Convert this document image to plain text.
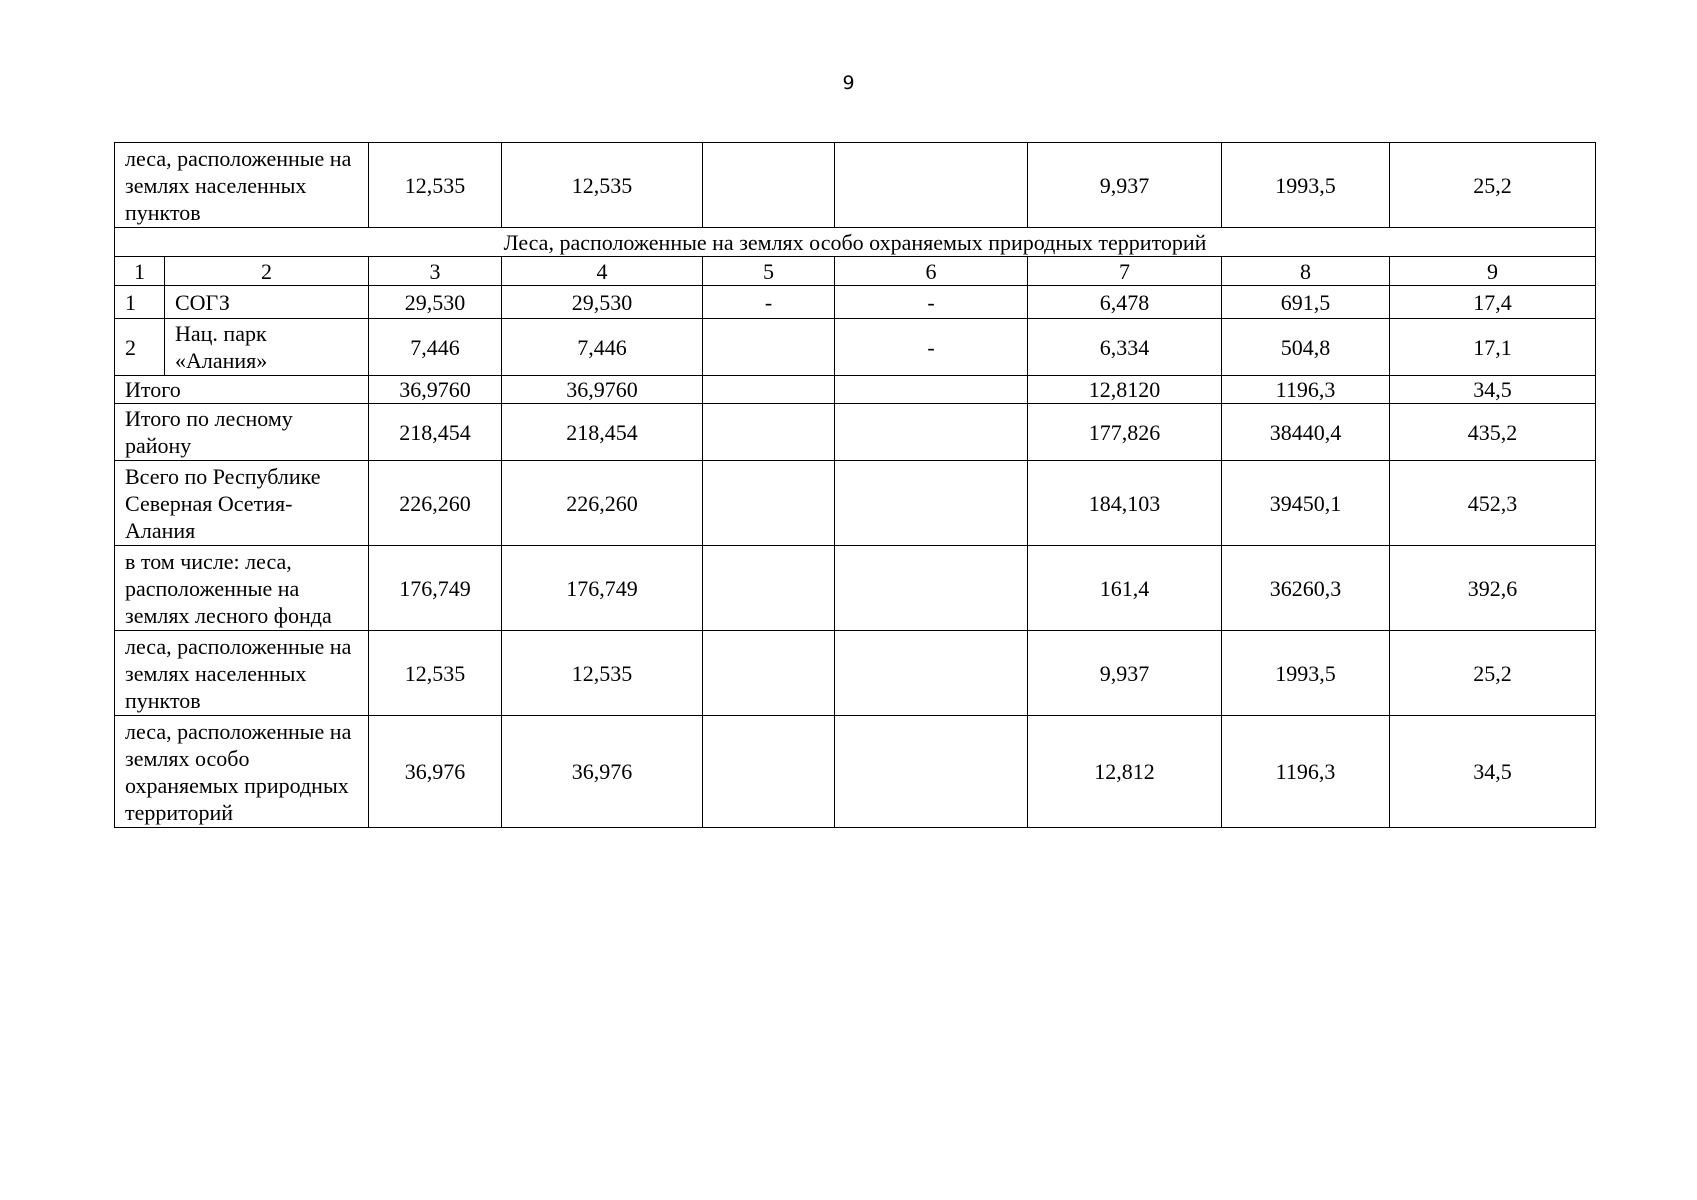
9
леса, расположенные на землях населенных пунктов		12,535	12,535			9,937	1993,5	25,2
Леса, расположенные на землях особо охраняемых природных территорий								
1	2	3	4	5	6	7	8	9
1	СОГЗ	29,530	29,530	-	-	6,478	691,5	17,4
2	Нац. парк «Алания»	7,446	7,446		-	6,334	504,8	17,1
Итого		36,9760	36,9760			12,8120	1196,3	34,5
Итого по лесному району		218,454	218,454			177,826	38440,4	435,2
Всего по Республике Северная Осетия-Алания		226,260	226,260			184,103	39450,1	452,3
в том числе: леса, расположенные на землях лесного фонда		176,749	176,749			161,4	36260,3	392,6
леса, расположенные на землях населенных пунктов		12,535	12,535			9,937	1993,5	25,2
леса, расположенные на землях особо охраняемых природных территорий		36,976	36,976			12,812	1196,3	34,5
